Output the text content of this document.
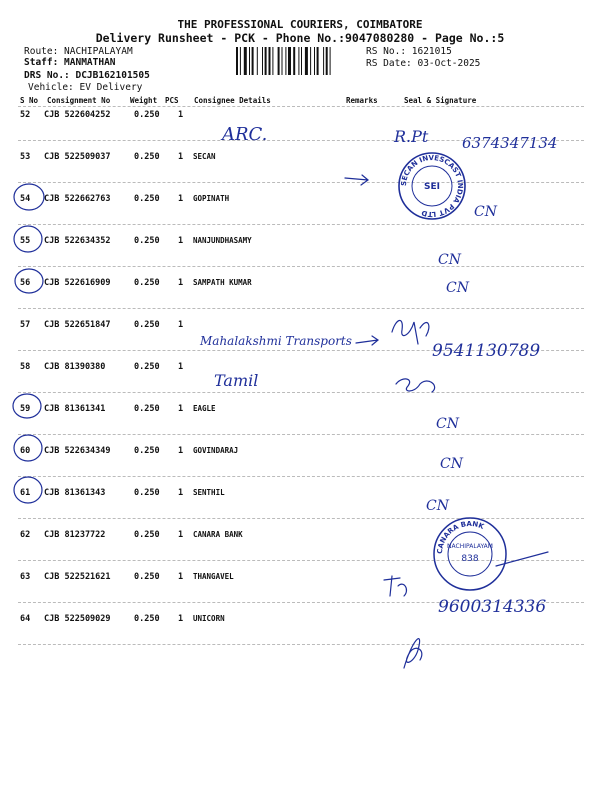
THE PROFESSIONAL COURIERS, COIMBATORE
Delivery Runsheet - PCK - Phone No.:9047080280 - Page No.:5
Route: NACHIPALAYAM
Staff: MANMATHAN
DRS No.: DCJB162101505
Vehicle: EV Delivery
RS No.: 1621015
RS Date: 03-Oct-2025
S No Consignment No	Weight PCS Consignee Details	Remarks	Seal & Signature
52 CJB 522604252	0.250 1
53 CJB 522509037	0.250 1 SECAN
54 CJB 522662763	0.250 1 GOPINATH
55 CJB 522634352	0.250 1 NANJUNDHASAMY
56 CJB 522616909	0.250 1 SAMPATH KUMAR
57 CJB 522651847	0.250 1
58 CJB 81390380	0.250 1
59 CJB 81361341	0.250 1 EAGLE
60 CJB 522634349	0.250 1 GOVINDARAJ
61 CJB 81361343	0.250 1 SENTHIL
62 CJB 81237722	0.250 1 CANARA BANK
63 CJB 522521621	0.250 1 THANGAVEL
64 CJB 522509029	0.250 1 UNICORN
SECAN INVESCAST INDIA PVT LTD
SEI
CANARA BANK
NACHIPALAYAM
838
ARC.	R.Pt 6374347134
Mahalakshmi Transports	9541130789
Tamil
CN
CN
CN
CN
CN
CN
9600314336
